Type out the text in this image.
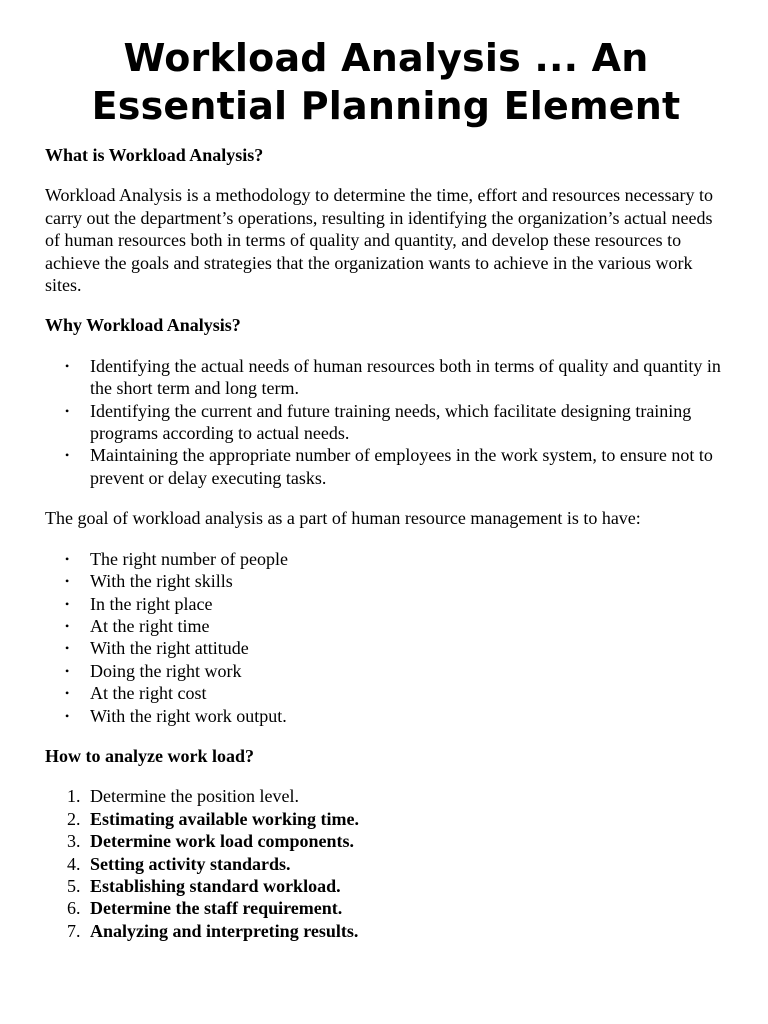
Workload Analysis ... An Essential Planning Element
What is Workload Analysis?

Workload Analysis is a methodology to determine the time, effort and resources necessary to carry out the department’s operations, resulting in identifying the organization’s actual needs of human resources both in terms of quality and quantity, and develop these resources to achieve the goals and strategies that the organization wants to achieve in the various work sites.

Why Workload Analysis?
• Identifying the actual needs of human resources both in terms of quality and quantity in the short term and long term.
• Identifying the current and future training needs, which facilitate designing training programs according to actual needs.
• Maintaining the appropriate number of employees in the work system, to ensure not to prevent or delay executing tasks.

The goal of workload analysis as a part of human resource management is to have:

• The right number of people
• With the right skills
• In the right place
• At the right time
• With the right attitude
• Doing the right work
• At the right cost
• With the right work output.
How to analyze work load?
1. Determine the position level.
2. Estimating available working time.
3. Determine work load components.
4. Setting activity standards.
5. Establishing standard workload.
6. Determine the staff requirement.
7. Analyzing and interpreting results.
